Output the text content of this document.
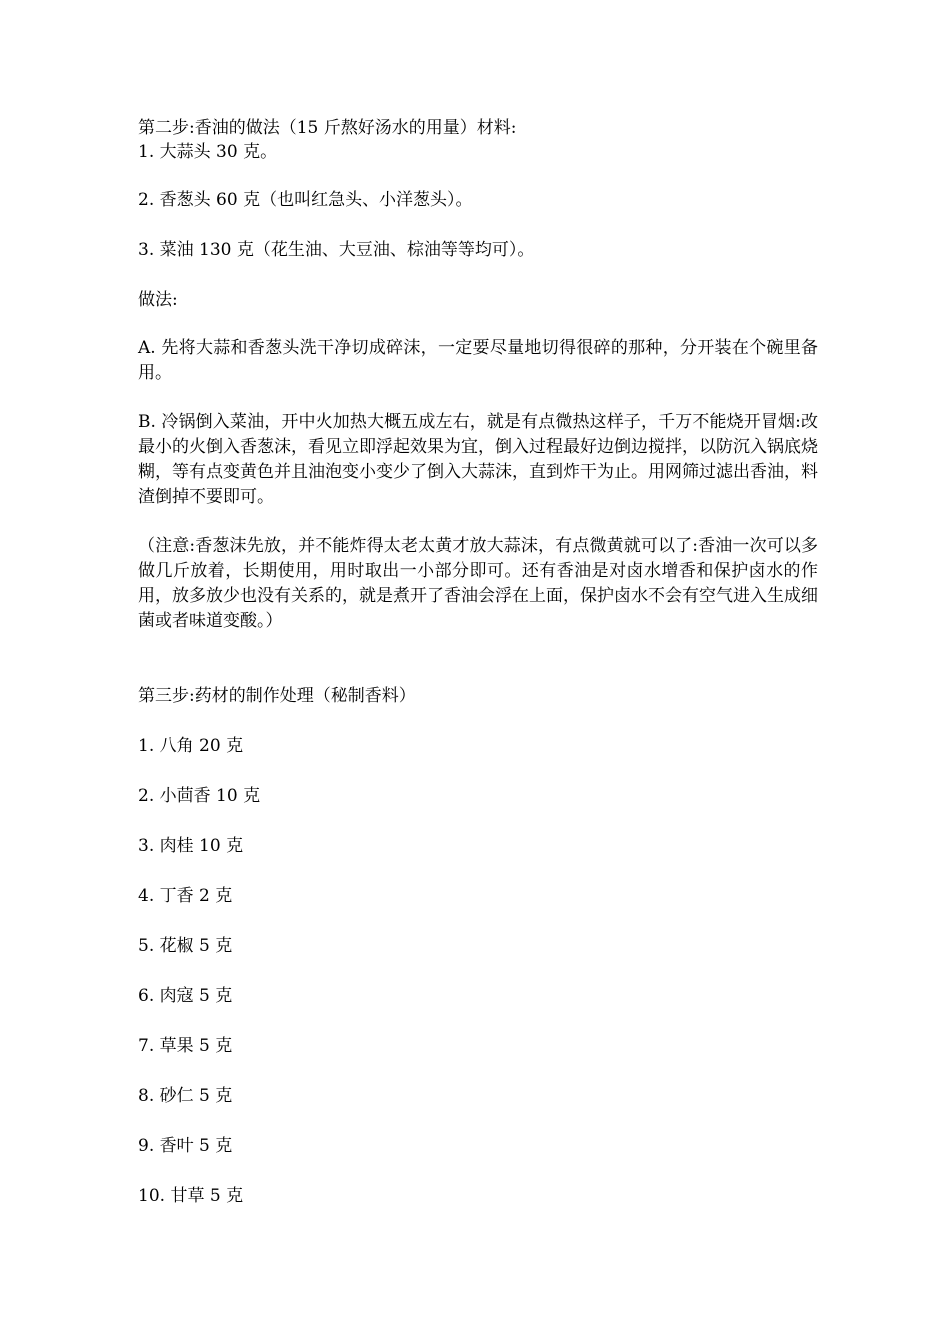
第二步:香油的做法（15 斤熬好汤水的用量）材料:
1. 大蒜头 30 克。
2. 香葱头 60 克（也叫红急头、小洋葱头）。
3. 菜油 130 克（花生油、大豆油、棕油等等均可）。
做法:
A. 先将大蒜和香葱头洗干净切成碎沫，一定要尽量地切得很碎的那种，分开装在个碗里备用。
B. 冷锅倒入菜油，开中火加热大概五成左右，就是有点微热这样子，千万不能烧开冒烟:改最小的火倒入香葱沫，看见立即浮起效果为宜，倒入过程最好边倒边搅拌，以防沉入锅底烧糊，等有点变黄色并且油泡变小变少了倒入大蒜沫，直到炸干为止。用网筛过滤出香油，料渣倒掉不要即可。
（注意:香葱沫先放，并不能炸得太老太黄才放大蒜沫，有点微黄就可以了:香油一次可以多做几斤放着，长期使用，用时取出一小部分即可。还有香油是对卤水增香和保护卤水的作用，放多放少也没有关系的，就是煮开了香油会浮在上面，保护卤水不会有空气进入生成细菌或者味道变酸。）
第三步:药材的制作处理（秘制香料）
1. 八角 20 克
2. 小茴香 10 克
3. 肉桂 10 克
4. 丁香 2 克
5. 花椒 5 克
6. 肉寇 5 克
7. 草果 5 克
8. 砂仁 5 克
9. 香叶 5 克
10. 甘草 5 克
